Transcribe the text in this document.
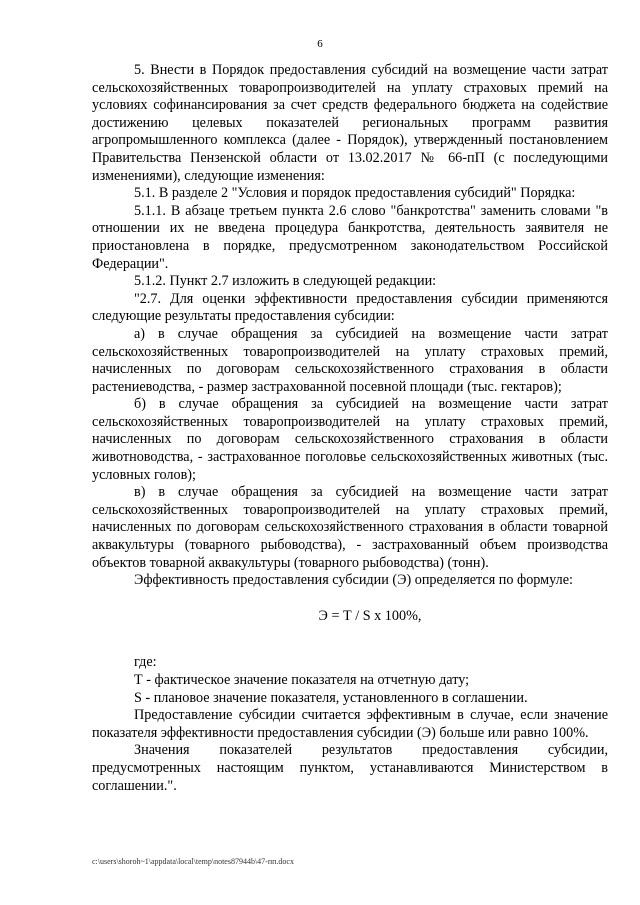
6

5. Внести в Порядок предоставления субсидий на возмещение части затрат сельскохозяйственных товаропроизводителей на уплату страховых премий на условиях софинансирования за счет средств федерального бюджета на содействие достижению целевых показателей региональных программ развития агропромышленного комплекса (далее - Порядок), утвержденный постановлением Правительства Пензенской области от 13.02.2017 № 66-пП (с последующими изменениями), следующие изменения:

5.1. В разделе 2 "Условия и порядок предоставления субсидий" Порядка:

5.1.1. В абзаце третьем пункта 2.6 слово "банкротства" заменить словами "в отношении их не введена процедура банкротства, деятельность заявителя не приостановлена в порядке, предусмотренном законодательством Российской Федерации".

5.1.2. Пункт 2.7 изложить в следующей редакции:

"2.7. Для оценки эффективности предоставления субсидии применяются следующие результаты предоставления субсидии:

а) в случае обращения за субсидией на возмещение части затрат сельскохозяйственных товаропроизводителей на уплату страховых премий, начисленных по договорам сельскохозяйственного страхования в области растениеводства, - размер застрахованной посевной площади (тыс. гектаров);

б) в случае обращения за субсидией на возмещение части затрат сельскохозяйственных товаропроизводителей на уплату страховых премий, начисленных по договорам сельскохозяйственного страхования в области животноводства, - застрахованное поголовье сельскохозяйственных животных (тыс. условных голов);

в) в случае обращения за субсидией на возмещение части затрат сельскохозяйственных товаропроизводителей на уплату страховых премий, начисленных по договорам сельскохозяйственного страхования в области товарной аквакультуры (товарного рыбоводства), - застрахованный объем производства объектов товарной аквакультуры (товарного рыбоводства) (тонн).

Эффективность предоставления субсидии (Э) определяется по формуле:

Э = Т / S х 100%,

где:

Т - фактическое значение показателя на отчетную дату;

S - плановое значение показателя, установленного в соглашении.

Предоставление субсидии считается эффективным в случае, если значение показателя эффективности предоставления субсидии (Э) больше или равно 100%.

Значения показателей результатов предоставления субсидии, предусмотренных настоящим пунктом, устанавливаются Министерством в соглашении.".

c:\users\shoroh~1\appdata\local\temp\notes87944b\47-пп.docx
